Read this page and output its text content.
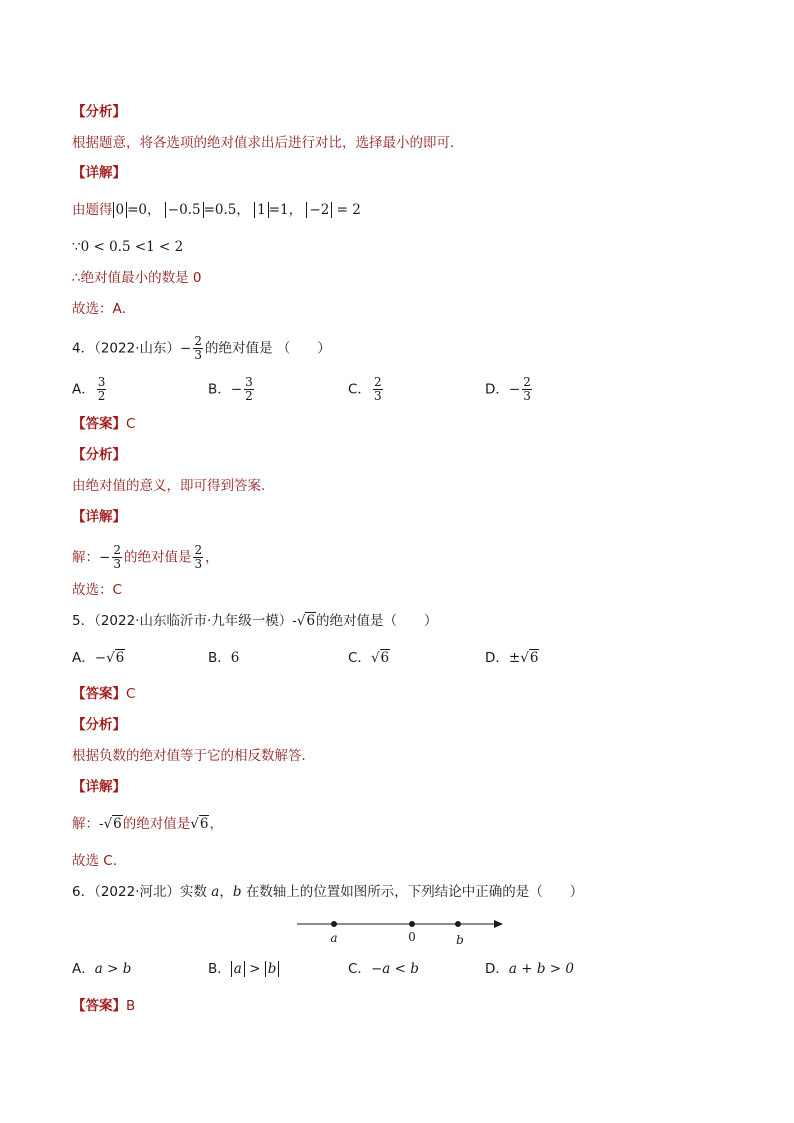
【分析】
根据题意，将各选项的绝对值求出后进行对比，选择最小的即可．
【详解】
由题得 0 =0， −0.5 =0.5， 1 =1， −2 = 2
∵0 < 0.5 <1 < 2
∴绝对值最小的数是 0
故选：A．
4．（2022·山东）− $\frac{2}{3}$ 的绝对值是 （　　）
A． $\frac{3}{2}$	B．− $\frac{3}{2}$	C． $\frac{2}{3}$	D．− $\frac{2}{3}$
【答案】C
【分析】
由绝对值的意义，即可得到答案．
【详解】
解：− $\frac{2}{3}$ 的绝对值是 $\frac{2}{3}$ ，
故选：C
5．（2022·山东临沂市·九年级一模）-√6的绝对值是（　　）
A．−√6	B．6	C．√6	D．±√6
【答案】C
【分析】
根据负数的绝对值等于它的相反数解答．
【详解】
解：-√6的绝对值是√6，
故选 C．
6．（2022·河北）实数 a，b 在数轴上的位置如图所示，下列结论中正确的是（　　）
a	0	b
A．a > b	B． a > b	C．−a < b	D．a + b > 0
【答案】B
